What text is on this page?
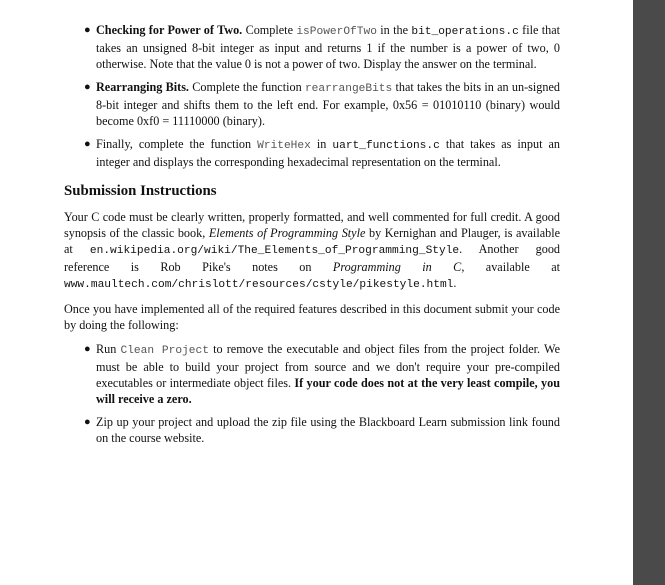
● Checking for Power of Two. Complete isPowerOfTwo in the bit_operations.c file that takes an unsigned 8-bit integer as input and returns 1 if the number is a power of two, 0 otherwise. Note that the value 0 is not a power of two. Display the answer on the terminal.
● Rearranging Bits. Complete the function rearrangeBits that takes the bits in an un-signed 8-bit integer and shifts them to the left end. For example, 0x56 = 01010110 (binary) would become 0xf0 = 11110000 (binary).
● Finally, complete the function WriteHex in uart_functions.c that takes as input an integer and displays the corresponding hexadecimal representation on the terminal.
Submission Instructions

Your C code must be clearly written, properly formatted, and well commented for full credit. A good synopsis of the classic book, Elements of Programming Style by Kernighan and Plauger, is available at en.wikipedia.org/wiki/The_Elements_of_Programming_Style. Another good reference is Rob Pike's notes on Programming in C, available at www.maultech.com/chrislott/resources/cstyle/pikestyle.html.

Once you have implemented all of the required features described in this document submit your code by doing the following:

● Run Clean Project to remove the executable and object files from the project folder. We must be able to build your project from source and we don't require your pre-compiled executables or intermediate object files. If your code does not at the very least compile, you will receive a zero.
● Zip up your project and upload the zip file using the Blackboard Learn submission link found on the course website.
